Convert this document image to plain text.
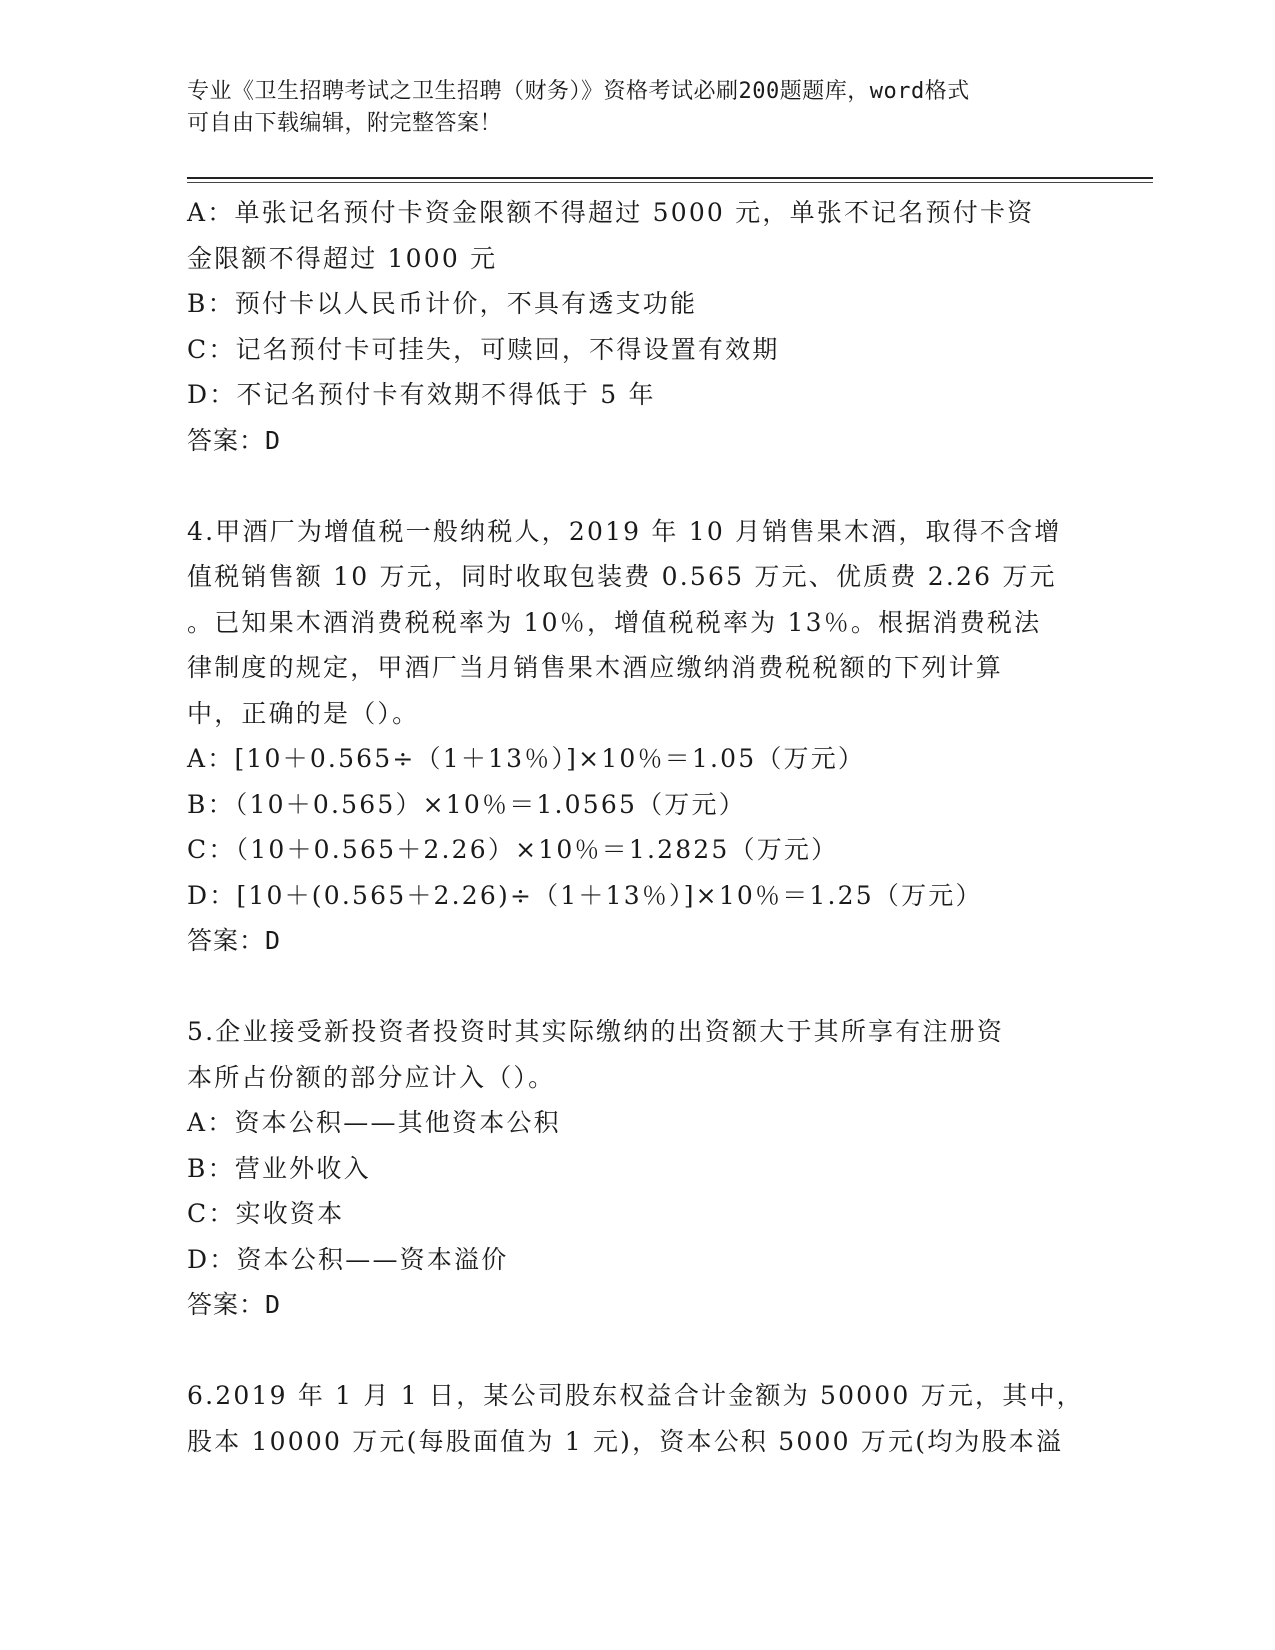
专业《卫生招聘考试之卫生招聘（财务）》资格考试必刷200题题库，word格式
可自由下载编辑，附完整答案！
A：单张记名预付卡资金限额不得超过 5000 元，单张不记名预付卡资
金限额不得超过 1000 元
B：预付卡以人民币计价，不具有透支功能
C：记名预付卡可挂失，可赎回，不得设置有效期
D：不记名预付卡有效期不得低于 5 年
答案：D
4.甲酒厂为增值税一般纳税人，2019 年 10 月销售果木酒，取得不含增
值税销售额 10 万元，同时收取包装费 0.565 万元、优质费 2.26 万元
。已知果木酒消费税税率为 10％，增值税税率为 13％。根据消费税法
律制度的规定，甲酒厂当月销售果木酒应缴纳消费税税额的下列计算
中，正确的是（）。
A：[10＋0.565÷（1＋13％）]×10％＝1.05（万元）
B：（10＋0.565）×10％＝1.0565（万元）
C：（10＋0.565＋2.26）×10％＝1.2825（万元）
D：[10＋(0.565＋2.26)÷（1＋13％）]×10％＝1.25（万元）
答案：D
5.企业接受新投资者投资时其实际缴纳的出资额大于其所享有注册资
本所占份额的部分应计入（）。
A：资本公积——其他资本公积
B：营业外收入
C：实收资本
D：资本公积——资本溢价
答案：D
6.2019 年 1 月 1 日，某公司股东权益合计金额为 50000 万元，其中，
股本 10000 万元(每股面值为 1 元)，资本公积 5000 万元(均为股本溢
